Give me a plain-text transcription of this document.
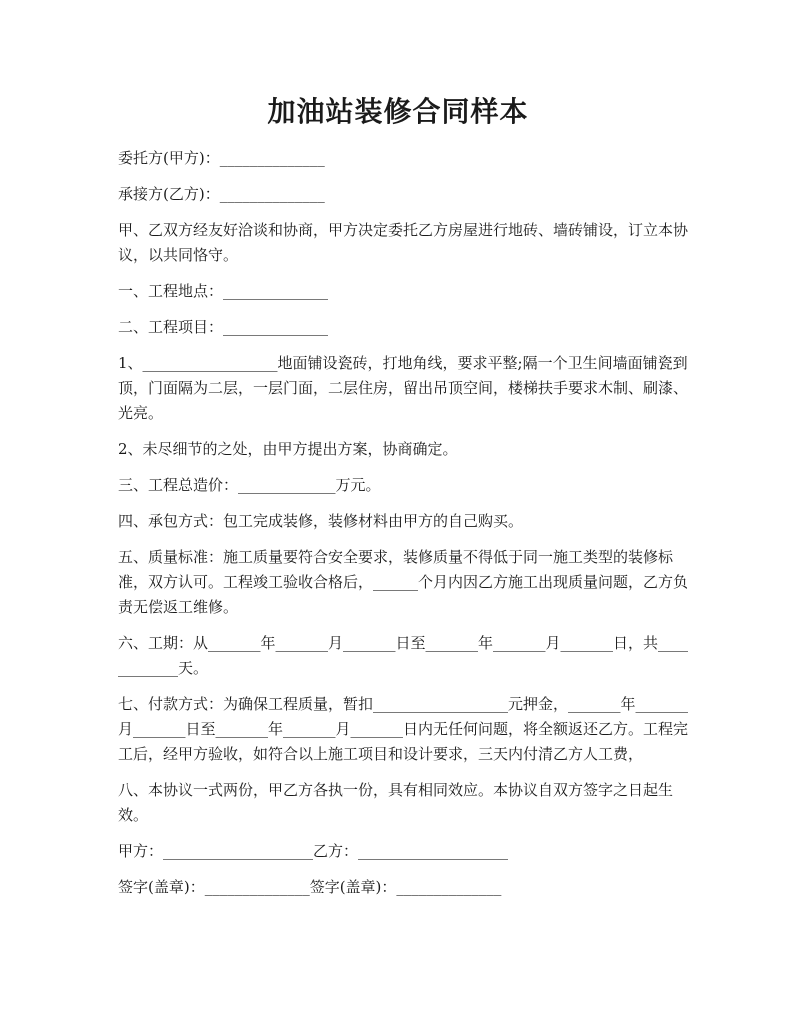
加油站装修合同样本

委托方(甲方)：______________

承接方(乙方)：______________

甲、乙双方经友好洽谈和协商，甲方决定委托乙方房屋进行地砖、墙砖铺设，订立本协议，以共同恪守。

一、工程地点：______________

二、工程项目：______________

1、__________________地面铺设瓷砖，打地角线，要求平整;隔一个卫生间墙面铺瓷到顶，门面隔为二层，一层门面，二层住房，留出吊顶空间，楼梯扶手要求木制、刷漆、光亮。

2、未尽细节的之处，由甲方提出方案，协商确定。

三、工程总造价：_____________万元。

四、承包方式：包工完成装修，装修材料由甲方的自己购买。

五、质量标准：施工质量要符合安全要求，装修质量不得低于同一施工类型的装修标准，双方认可。工程竣工验收合格后，______个月内因乙方施工出现质量问题，乙方负责无偿返工维修。

六、工期：从_______年_______月_______日至_______年_______月_______日，共____________天。

七、付款方式：为确保工程质量，暂扣__________________元押金，_______年_______月_______日至_______年_______月_______日内无任何问题，将全额返还乙方。工程完工后，经甲方验收，如符合以上施工项目和设计要求，三天内付清乙方人工费，

八、本协议一式两份，甲乙方各执一份，具有相同效应。本协议自双方签字之日起生效。

甲方：____________________乙方：____________________

签字(盖章)：______________签字(盖章)：______________
